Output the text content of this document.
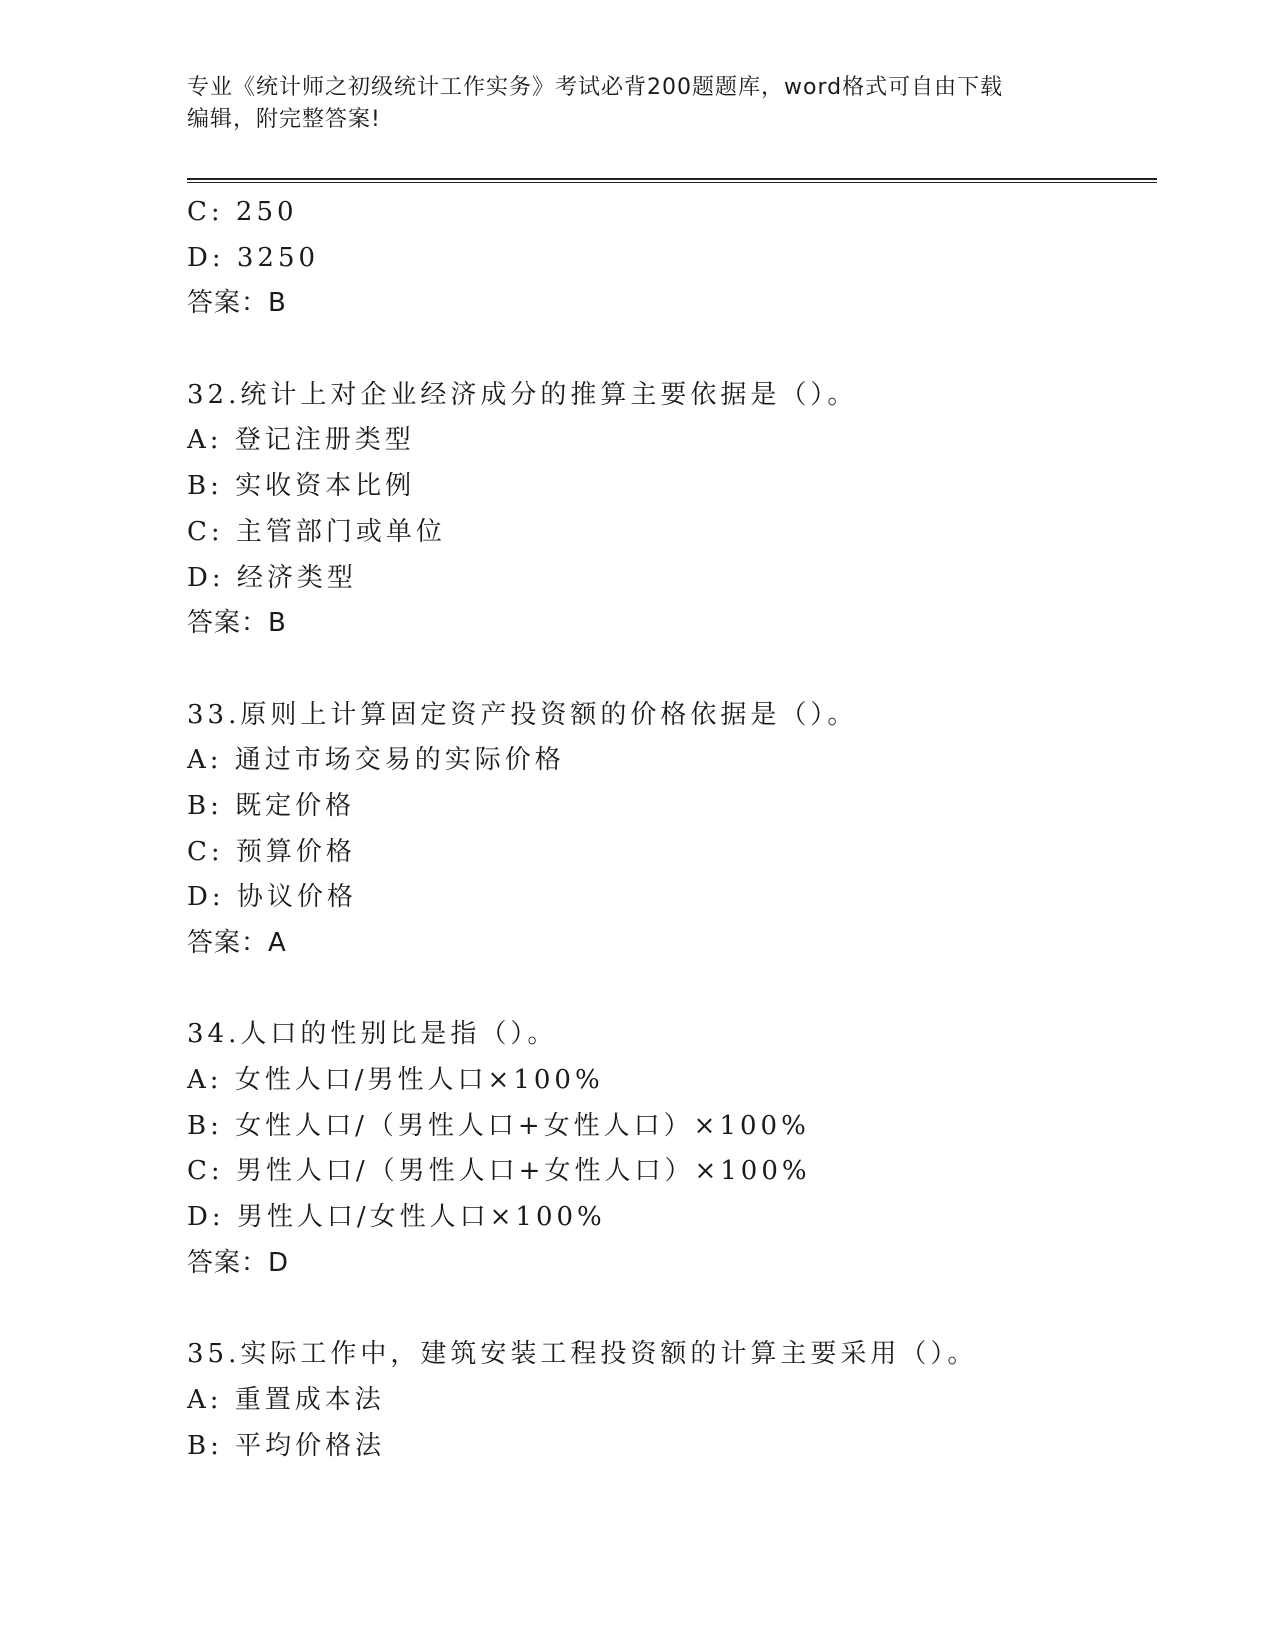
专业《统计师之初级统计工作实务》考试必背200题题库，word格式可自由下载
编辑，附完整答案!
C: 250
D: 3250
答案：B
32.统计上对企业经济成分的推算主要依据是（）。
A: 登记注册类型
B: 实收资本比例
C: 主管部门或单位
D: 经济类型
答案：B
33.原则上计算固定资产投资额的价格依据是（）。
A: 通过市场交易的实际价格
B: 既定价格
C: 预算价格
D: 协议价格
答案：A
34.人口的性别比是指（）。
A: 女性人口/男性人口×100%
B: 女性人口/（男性人口+女性人口）×100%
C: 男性人口/（男性人口+女性人口）×100%
D: 男性人口/女性人口×100%
答案：D
35.实际工作中，建筑安装工程投资额的计算主要采用（）。
A: 重置成本法
B: 平均价格法
